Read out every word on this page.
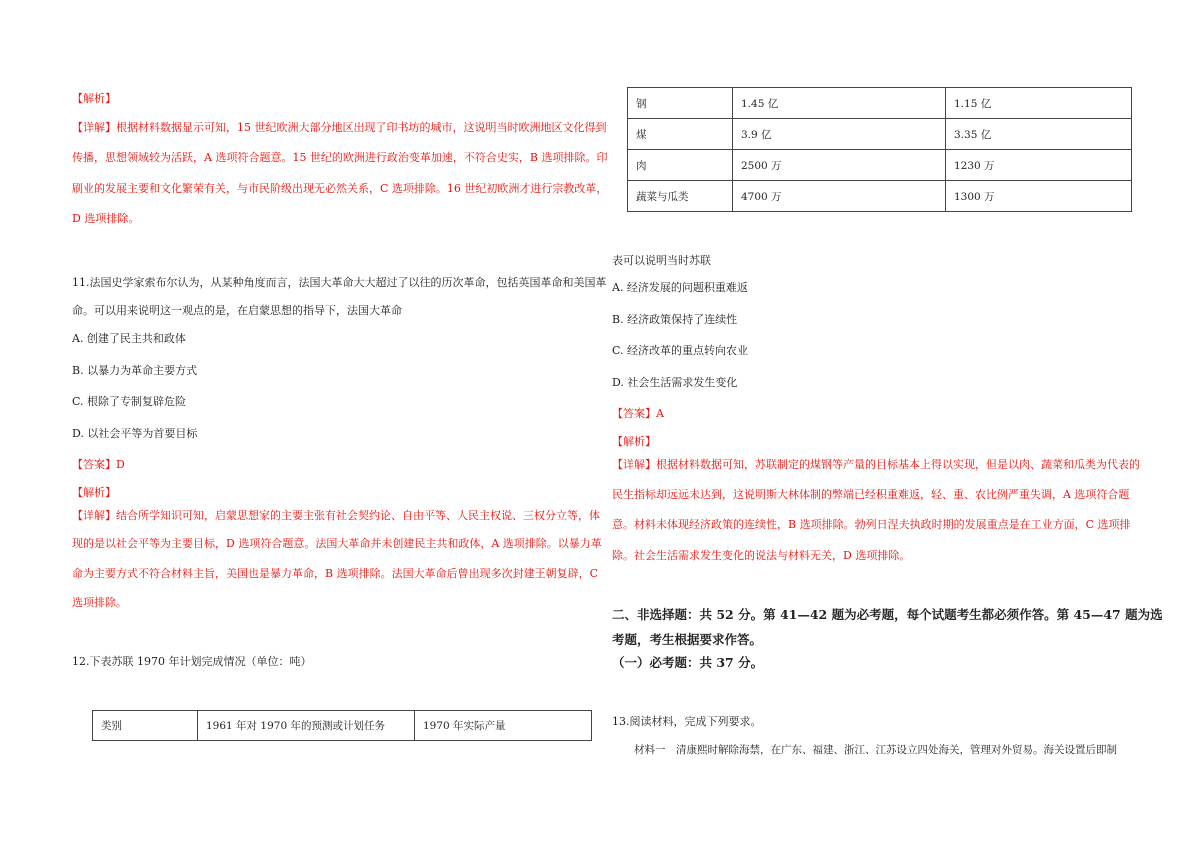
【解析】
【详解】根据材料数据显示可知，15 世纪欧洲大部分地区出现了印书坊的城市，这说明当时欧洲地区文化得到
传播，思想领域较为活跃，A 选项符合题意。15 世纪的欧洲进行政治变革加速，不符合史实，B 选项排除。印
刷业的发展主要和文化繁荣有关，与市民阶级出现无必然关系，C 选项排除。16 世纪初欧洲才进行宗教改革，
D 选项排除。
11.法国史学家索布尔认为，从某种角度而言，法国大革命大大超过了以往的历次革命，包括英国革命和美国革
命。可以用来说明这一观点的是，在启蒙思想的指导下，法国大革命
A. 创建了民主共和政体
B. 以暴力为革命主要方式
C. 根除了专制复辟危险
D. 以社会平等为首要目标
【答案】D
【解析】
【详解】结合所学知识可知，启蒙思想家的主要主张有社会契约论、自由平等、人民主权说、三权分立等，体
现的是以社会平等为主要目标，D 选项符合题意。法国大革命并未创建民主共和政体，A 选项排除。以暴力革
命为主要方式不符合材料主旨，美国也是暴力革命，B 选项排除。法国大革命后曾出现多次封建王朝复辟，C
选项排除。
12.下表苏联 1970 年计划完成情况（单位：吨）
类别	1961 年对 1970 年的预测或计划任务	1970 年实际产量
钢	1.45 亿	1.15 亿
煤	3.9 亿	3.35 亿
肉	2500 万	1230 万
蔬菜与瓜类	4700 万	1300 万
表可以说明当时苏联
A. 经济发展的问题积重难返
B. 经济政策保持了连续性
C. 经济改革的重点转向农业
D. 社会生活需求发生变化
【答案】A
【解析】
【详解】根据材料数据可知，苏联制定的煤钢等产量的目标基本上得以实现，但是以肉、蔬菜和瓜类为代表的
民生指标却远远未达到，这说明斯大林体制的弊端已经积重难返，轻、重、农比例严重失调，A 选项符合题
意。材料未体现经济政策的连续性，B 选项排除。勃列日涅夫执政时期的发展重点是在工业方面，C 选项排
除。社会生活需求发生变化的说法与材料无关，D 选项排除。
二、非选择题：共 52 分。第 41—42 题为必考题，每个试题考生都必须作答。第 45—47 题为选
考题，考生根据要求作答。
（一）必考题：共 37 分。
13.阅读材料，完成下列要求。
材料一　清康熙时解除海禁，在广东、福建、浙江、江苏设立四处海关，管理对外贸易。海关设置后即制
